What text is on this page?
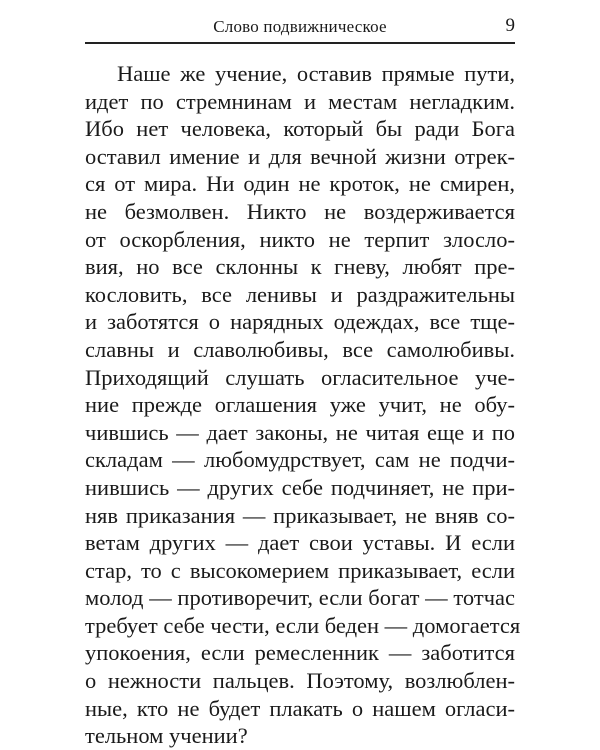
Слово подвижническое	9
Наше же учение, оставив прямые пути,
идет по стремнинам и местам негладким.
Ибо нет человека, который бы ради Бога
оставил имение и для вечной жизни отрек-
ся от мира. Ни один не кроток, не смирен,
не безмолвен. Никто не воздерживается
от оскорбления, никто не терпит злосло-
вия, но все склонны к гневу, любят пре-
кословить, все ленивы и раздражительны
и заботятся о нарядных одеждах, все тще-
славны и славолюбивы, все самолюбивы.
Приходящий слушать огласительное уче-
ние прежде оглашения уже учит, не обу-
чившись — дает законы, не читая еще и по
складам — любомудрствует, сам не подчи-
нившись — других себе подчиняет, не при-
няв приказания — приказывает, не вняв со-
ветам других — дает свои уставы. И если
стар, то с высокомерием приказывает, если
молод — противоречит, если богат — тотчас
требует себе чести, если беден — домогается
упокоения, если ремесленник — заботится
о нежности пальцев. Поэтому, возлюблен-
ные, кто не будет плакать о нашем огласи-
тельном учении?
